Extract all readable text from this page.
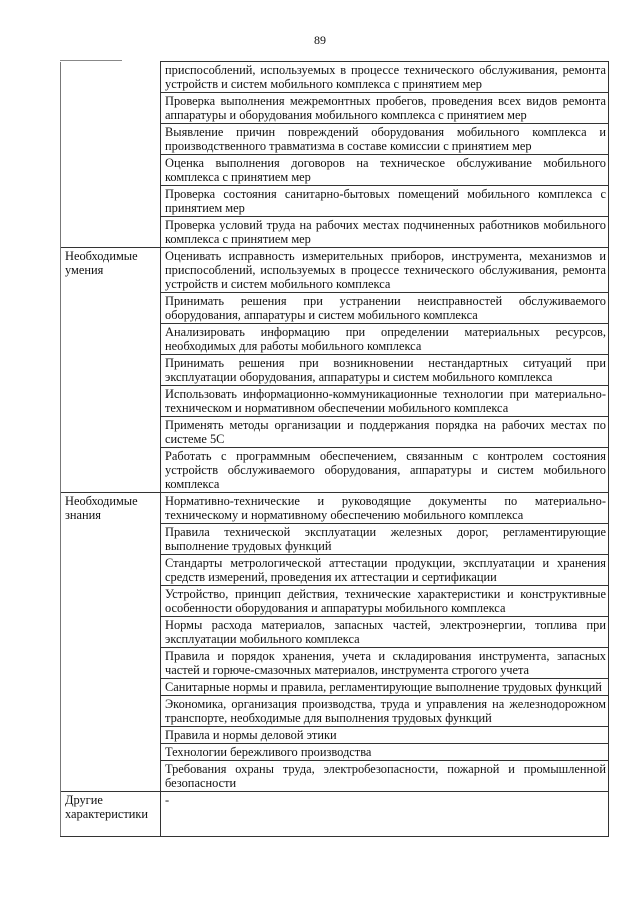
89
	приспособлений, используемых в процессе технического обслуживания, ремонта устройств и систем мобильного комплекса с принятием мер
	Проверка выполнения межремонтных пробегов, проведения всех видов ремонта аппаратуры и оборудования мобильного комплекса с принятием мер
	Выявление причин повреждений оборудования мобильного комплекса и производственного травматизма в составе комиссии с принятием мер
	Оценка выполнения договоров на техническое обслуживание мобильного комплекса с принятием мер
	Проверка состояния санитарно-бытовых помещений мобильного комплекса с принятием мер
	Проверка условий труда на рабочих местах подчиненных работников мобильного комплекса с принятием мер
Необходимые умения	Оценивать исправность измерительных приборов, инструмента, механизмов и приспособлений, используемых в процессе технического обслуживания, ремонта устройств и систем мобильного комплекса
	Принимать решения при устранении неисправностей обслуживаемого оборудования, аппаратуры и систем мобильного комплекса
	Анализировать информацию при определении материальных ресурсов, необходимых для работы мобильного комплекса
	Принимать решения при возникновении нестандартных ситуаций при эксплуатации оборудования, аппаратуры и систем мобильного комплекса
	Использовать информационно-коммуникационные технологии при материально-техническом и нормативном обеспечении мобильного комплекса
	Применять методы организации и поддержания порядка на рабочих местах по системе 5С
	Работать с программным обеспечением, связанным с контролем состояния устройств обслуживаемого оборудования, аппаратуры и систем мобильного комплекса
Необходимые знания	Нормативно-технические и руководящие документы по материально-техническому и нормативному обеспечению мобильного комплекса
	Правила технической эксплуатации железных дорог, регламентирующие выполнение трудовых функций
	Стандарты метрологической аттестации продукции, эксплуатации и хранения средств измерений, проведения их аттестации и сертификации
	Устройство, принцип действия, технические характеристики и конструктивные особенности оборудования и аппаратуры мобильного комплекса
	Нормы расхода материалов, запасных частей, электроэнергии, топлива при эксплуатации мобильного комплекса
	Правила и порядок хранения, учета и складирования инструмента, запасных частей и горюче-смазочных материалов, инструмента строгого учета
	Санитарные нормы и правила, регламентирующие выполнение трудовых функций
	Экономика, организация производства, труда и управления на железнодорожном транспорте, необходимые для выполнения трудовых функций
	Правила и нормы деловой этики
	Технологии бережливого производства
	Требования охраны труда, электробезопасности, пожарной и промышленной безопасности
Другие характеристики	-
